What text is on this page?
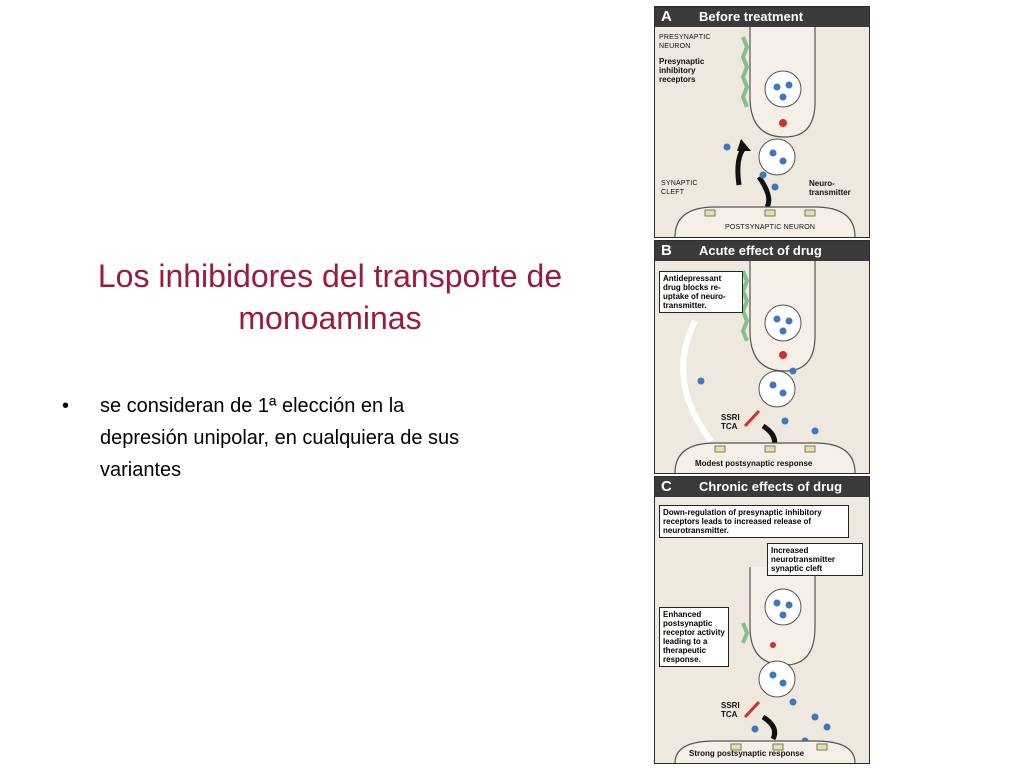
Los inhibidores del transporte de monoaminas
• se consideran de 1ª elección en la depresión unipolar, en cualquiera de sus variantes
A Before treatment
PRESYNAPTIC NEURON
Presynaptic inhibitory receptors
SYNAPTIC CLEFT
Neuro- transmitter
POSTSYNAPTIC NEURON
B Acute effect of drug
Antidepressant drug blocks re-uptake of neuro- transmitter.
SSRI TCA
Modest postsynaptic response
C Chronic effects of drug
Down-regulation of presynaptic inhibitory receptors leads to increased release of neurotransmitter.
Increased neurotransmitter synaptic cleft
Enhanced postsynaptic receptor activity leading to a therapeutic response.
SSRI TCA
Strong postsynaptic response
